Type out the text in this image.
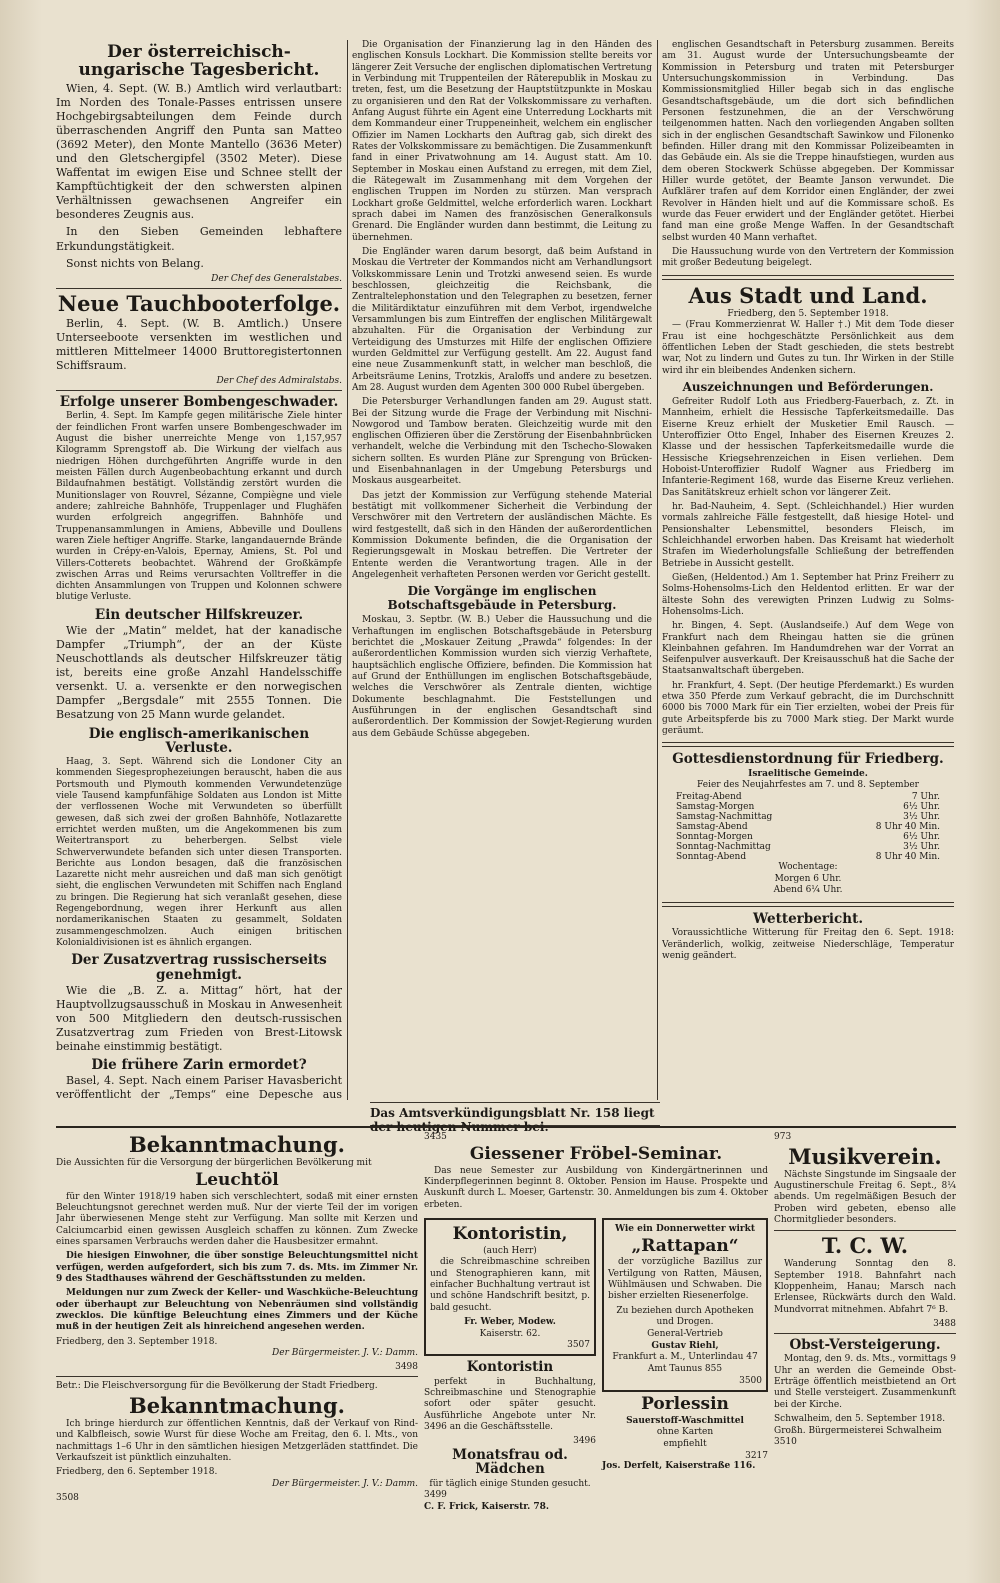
Der österreichisch-ungarische Tagesbericht.

Wien, 4. Sept. (W. B.) Amtlich wird verlautbart: Im Norden des Tonale-Passes entrissen unsere Hochgebirgsabteilungen dem Feinde durch überraschenden Angriff den Punta san Matteo (3692 Meter), den Monte Mantello (3636 Meter) und den Gletschergipfel (3502 Meter). Diese Waffentat im ewigen Eise und Schnee stellt der Kampftüchtigkeit der den schwersten alpinen Verhältnissen gewachsenen Angreifer ein besonderes Zeugnis aus.

In den Sieben Gemeinden lebhaftere Erkundungstätigkeit.

Sonst nichts von Belang.

Der Chef des Generalstabes.

Neue Tauchbooterfolge.

Berlin, 4. Sept. (W. B. Amtlich.) Unsere Unterseeboote versenkten im westlichen und mittleren Mittelmeer 14000 Bruttoregistertonnen Schiffsraum.

Der Chef des Admiralstabs.

Erfolge unserer Bombengeschwader.

Berlin, 4. Sept. Im Kampfe gegen militärische Ziele hinter der feindlichen Front warfen unsere Bombengeschwader im August die bisher unerreichte Menge von 1,157,957 Kilogramm Sprengstoff ab. Die Wirkung der vielfach aus niedrigen Höhen durchgeführten Angriffe wurde in den meisten Fällen durch Augenbeobachtung erkannt und durch Bildaufnahmen bestätigt. Vollständig zerstört wurden die Munitionslager von Rouvrel, Sézanne, Compiègne und viele andere; zahlreiche Bahnhöfe, Truppenlager und Flughäfen wurden erfolgreich angegriffen. Bahnhöfe und Truppenansammlungen in Amiens, Abbeville und Doullens waren Ziele heftiger Angriffe. Starke, langandauernde Brände wurden in Crépy-en-Valois, Epernay, Amiens, St. Pol und Villers-Cotterets beobachtet. Während der Großkämpfe zwischen Arras und Reims verursachten Volltreffer in die dichten Ansammlungen von Truppen und Kolonnen schwere blutige Verluste.

Ein deutscher Hilfskreuzer.

Wie der „Matin“ meldet, hat der kanadische Dampfer „Triumph“, der an der Küste Neuschottlands als deutscher Hilfskreuzer tätig ist, bereits eine große Anzahl Handelsschiffe versenkt. U. a. versenkte er den norwegischen Dampfer „Bergsdale“ mit 2555 Tonnen. Die Besatzung von 25 Mann wurde gelandet.

Die englisch-amerikanischen Verluste.

Haag, 3. Sept. Während sich die Londoner City an kommenden Siegesprophezeiungen berauscht, haben die aus Portsmouth und Plymouth kommenden Verwundetenzüge viele Tausend kampfunfähige Soldaten aus London ist Mitte der verflossenen Woche mit Verwundeten so überfüllt gewesen, daß sich zwei der großen Bahnhöfe, Notlazarette errichtet werden mußten, um die Angekommenen bis zum Weitertransport zu beherbergen. Selbst viele Schwerverwundete befanden sich unter diesen Transporten. Berichte aus London besagen, daß die französischen Lazarette nicht mehr ausreichen und daß man sich genötigt sieht, die englischen Verwundeten mit Schiffen nach England zu bringen. Die Regierung hat sich veranlaßt gesehen, diese Regengebordnung, wegen ihrer Herkunft aus allen nordamerikanischen Staaten zu gesammelt, Soldaten zusammengeschmolzen. Auch einigen britischen Kolonialdivisionen ist es ähnlich ergangen.

Der Zusatzvertrag russischerseits genehmigt.

Wie die „B. Z. a. Mittag“ hört, hat der Hauptvollzugsausschuß in Moskau in Anwesenheit von 500 Mitgliedern den deutsch-russischen Zusatzvertrag zum Frieden von Brest-Litowsk beinahe einstimmig bestätigt.

Die frühere Zarin ermordet?

Basel, 4. Sept. Nach einem Pariser Havasbericht veröffentlicht der „Temps“ eine Depesche aus

Die Organisation der Finanzierung lag in den Händen des englischen Konsuls Lockhart. Die Kommission stellte bereits vor längerer Zeit Versuche der englischen diplomatischen Vertretung in Verbindung mit Truppenteilen der Räterepublik in Moskau zu treten, fest, um die Besetzung der Hauptstützpunkte in Moskau zu organisieren und den Rat der Volkskommissare zu verhaften. Anfang August führte ein Agent eine Unterredung Lockharts mit dem Kommandeur einer Truppeneinheit, welchem ein englischer Offizier im Namen Lockharts den Auftrag gab, sich direkt des Rates der Volkskommissare zu bemächtigen. Die Zusammenkunft fand in einer Privatwohnung am 14. August statt. Am 10. September in Moskau einen Aufstand zu erregen, mit dem Ziel, die Rätegewalt im Zusammenhang mit dem Vorgehen der englischen Truppen im Norden zu stürzen. Man versprach Lockhart große Geldmittel, welche erforderlich waren. Lockhart sprach dabei im Namen des französischen Generalkonsuls Grenard. Die Engländer wurden dann bestimmt, die Leitung zu übernehmen.

Die Engländer waren darum besorgt, daß beim Aufstand in Moskau die Vertreter der Kommandos nicht am Verhandlungsort Volkskommissare Lenin und Trotzki anwesend seien. Es wurde beschlossen, gleichzeitig die Reichsbank, die Zentraltelephonstation und den Telegraphen zu besetzen, ferner die Militärdiktatur einzuführen mit dem Verbot, irgendwelche Versammlungen bis zum Eintreffen der englischen Militärgewalt abzuhalten. Für die Organisation der Verbindung zur Verteidigung des Umsturzes mit Hilfe der englischen Offiziere wurden Geldmittel zur Verfügung gestellt. Am 22. August fand eine neue Zusammenkunft statt, in welcher man beschloß, die Arbeitsräume Lenins, Trotzkis, Araloffs und andere zu besetzen. Am 28. August wurden dem Agenten 300 000 Rubel übergeben.

Die Petersburger Verhandlungen fanden am 29. August statt. Bei der Sitzung wurde die Frage der Verbindung mit Nischni-Nowgorod und Tambow beraten. Gleichzeitig wurde mit den englischen Offizieren über die Zerstörung der Eisenbahnbrücken verhandelt, welche die Verbindung mit den Tschecho-Slowaken sichern sollten. Es wurden Pläne zur Sprengung von Brücken- und Eisenbahnanlagen in der Umgebung Petersburgs und Moskaus ausgearbeitet.

Das jetzt der Kommission zur Verfügung stehende Material bestätigt mit vollkommener Sicherheit die Verbindung der Verschwörer mit den Vertretern der ausländischen Mächte. Es wird festgestellt, daß sich in den Händen der außerordentlichen Kommission Dokumente befinden, die die Organisation der Regierungsgewalt in Moskau betreffen. Die Vertreter der Entente werden die Verantwortung tragen. Alle in der Angelegenheit verhafteten Personen werden vor Gericht gestellt.

Die Vorgänge im englischen Botschaftsgebäude in Petersburg.

Moskau, 3. Septbr. (W. B.) Ueber die Haussuchung und die Verhaftungen im englischen Botschaftsgebäude in Petersburg berichtet die „Moskauer Zeitung „Prawda“ folgendes: In der außerordentlichen Kommission wurden sich vierzig Verhaftete, hauptsächlich englische Offiziere, befinden. Die Kommission hat auf Grund der Enthüllungen im englischen Botschaftsgebäude, welches die Verschwörer als Zentrale dienten, wichtige Dokumente beschlagnahmt. Die Feststellungen und Ausführungen in der englischen Gesandtschaft sind außerordentlich. Der Kommission der Sowjet-Regierung wurden aus dem Gebäude Schüsse abgegeben.

englischen Gesandtschaft in Petersburg zusammen. Bereits am 31. August wurde der Untersuchungsbeamte der Kommission in Petersburg und traten mit Petersburger Untersuchungskommission in Verbindung. Das Kommissionsmitglied Hiller begab sich in das englische Gesandtschaftsgebäude, um die dort sich befindlichen Personen festzunehmen, die an der Verschwörung teilgenommen hatten. Nach den vorliegenden Angaben sollten sich in der englischen Gesandtschaft Sawinkow und Filonenko befinden. Hiller drang mit den Kommissar Polizeibeamten in das Gebäude ein. Als sie die Treppe hinaufstiegen, wurden aus dem oberen Stockwerk Schüsse abgegeben. Der Kommissar Hiller wurde getötet, der Beamte Janson verwundet. Die Aufklärer trafen auf dem Korridor einen Engländer, der zwei Revolver in Händen hielt und auf die Kommissare schoß. Es wurde das Feuer erwidert und der Engländer getötet. Hierbei fand man eine große Menge Waffen. In der Gesandtschaft selbst wurden 40 Mann verhaftet.

Die Haussuchung wurde von den Vertretern der Kommission mit großer Bedeutung beigelegt.

Aus Stadt und Land.

Friedberg, den 5. September 1918.

— (Frau Kommerzienrat W. Haller †.) Mit dem Tode dieser Frau ist eine hochgeschätzte Persönlichkeit aus dem öffentlichen Leben der Stadt geschieden, die stets bestrebt war, Not zu lindern und Gutes zu tun. Ihr Wirken in der Stille wird ihr ein bleibendes Andenken sichern.

Auszeichnungen und Beförderungen.

Gefreiter Rudolf Loth aus Friedberg-Fauerbach, z. Zt. in Mannheim, erhielt die Hessische Tapferkeitsmedaille. Das Eiserne Kreuz erhielt der Musketier Emil Rausch. — Unteroffizier Otto Engel, Inhaber des Eisernen Kreuzes 2. Klasse und der hessischen Tapferkeitsmedaille wurde die Hessische Kriegsehrenzeichen in Eisen verliehen. Dem Hoboist-Unteroffizier Rudolf Wagner aus Friedberg im Infanterie-Regiment 168, wurde das Eiserne Kreuz verliehen. Das Sanitätskreuz erhielt schon vor längerer Zeit.

hr. Bad-Nauheim, 4. Sept. (Schleichhandel.) Hier wurden vormals zahlreiche Fälle festgestellt, daß hiesige Hotel- und Pensionshalter Lebensmittel, besonders Fleisch, im Schleichhandel erworben haben. Das Kreisamt hat wiederholt Strafen im Wiederholungsfalle Schließung der betreffenden Betriebe in Aussicht gestellt.

Gießen, (Heldentod.) Am 1. September hat Prinz Freiherr zu Solms-Hohensolms-Lich den Heldentod erlitten. Er war der älteste Sohn des verewigten Prinzen Ludwig zu Solms-Hohensolms-Lich.

hr. Bingen, 4. Sept. (Auslandseife.) Auf dem Wege von Frankfurt nach dem Rheingau hatten sie die grünen Kleinbahnen gefahren. Im Handumdrehen war der Vorrat an Seifenpulver ausverkauft. Der Kreisausschuß hat die Sache der Staatsanwaltschaft übergeben.

hr. Frankfurt, 4. Sept. (Der heutige Pferdemarkt.) Es wurden etwa 350 Pferde zum Verkauf gebracht, die im Durchschnitt 6000 bis 7000 Mark für ein Tier erzielten, wobei der Preis für gute Arbeitspferde bis zu 7000 Mark stieg. Der Markt wurde geräumt.

Gottesdienstordnung für Friedberg.

Israelitische Gemeinde.

Feier des Neujahrfestes am 7. und 8. September

Freitag-Abend	7 Uhr.
Samstag-Morgen	6½ Uhr.
Samstag-Nachmittag	3½ Uhr.
Samstag-Abend	8 Uhr 40 Min.
Sonntag-Morgen	6½ Uhr.
Sonntag-Nachmittag	3½ Uhr.
Sonntag-Abend	8 Uhr 40 Min.

Wochentage:

Morgen 6 Uhr.

Abend 6¼ Uhr.

Wetterbericht.

Voraussichtliche Witterung für Freitag den 6. Sept. 1918: Veränderlich, wolkig, zeitweise Niederschläge, Temperatur wenig geändert.

Das Amtsverkündigungsblatt Nr. 158 liegt der heutigen Nummer bei.
Bekanntmachung.

Die Aussichten für die Versorgung der bürgerlichen Bevölkerung mit

Leuchtöl

für den Winter 1918/19 haben sich verschlechtert, sodaß mit einer ernsten Beleuchtungsnot gerechnet werden muß. Nur der vierte Teil der im vorigen Jahr überwiesenen Menge steht zur Verfügung. Man sollte mit Kerzen und Calciumcarbid einen gewissen Ausgleich schaffen zu können. Zum Zwecke eines sparsamen Verbrauchs werden daher die Hausbesitzer ermahnt.

Die hiesigen Einwohner, die über sonstige Beleuchtungsmittel nicht verfügen, werden aufgefordert, sich bis zum 7. ds. Mts. im Zimmer Nr. 9 des Stadthauses während der Geschäftsstunden zu melden.

Meldungen nur zum Zweck der Keller- und Waschküche-Beleuchtung oder überhaupt zur Beleuchtung von Nebenräumen sind vollständig zwecklos. Die künftige Beleuchtung eines Zimmers und der Küche muß in der heutigen Zeit als hinreichend angesehen werden.

Friedberg, den 3. September 1918.

Der Bürgermeister. J. V.: Damm.

3498

Betr.: Die Fleischversorgung für die Bevölkerung der Stadt Friedberg.

Bekanntmachung.

Ich bringe hierdurch zur öffentlichen Kenntnis, daß der Verkauf von Rind- und Kalbfleisch, sowie Wurst für diese Woche am Freitag, den 6. l. Mts., von nachmittags 1–6 Uhr in den sämtlichen hiesigen Metzgerläden stattfindet. Die Verkaufszeit ist pünktlich einzuhalten.

Friedberg, den 6. September 1918.

Der Bürgermeister. J. V.: Damm.

3508

3435

Giessener Fröbel-Seminar.

Das neue Semester zur Ausbildung von Kindergärtnerinnen und Kinderpflegerinnen beginnt 8. Oktober. Pension im Hause. Prospekte und Auskunft durch L. Moeser, Gartenstr. 30. Anmeldungen bis zum 4. Oktober erbeten.

Kontoristin,

(auch Herr)

die Schreibmaschine schreiben und Stenographieren kann, mit einfacher Buchhaltung vertraut ist und schöne Handschrift besitzt, p. bald gesucht.

Fr. Weber, Modew.

Kaiserstr. 62.

3507

Kontoristin

perfekt in Buchhaltung, Schreibmaschine und Stenographie sofort oder später gesucht. Ausführliche Angebote unter Nr. 3496 an die Geschäftsstelle.

3496

Monatsfrau od. Mädchen

für täglich einige Stunden gesucht.

3499

C. F. Frick, Kaiserstr. 78.

Wie ein Donnerwetter wirkt

„Rattapan“

der vorzügliche Bazillus zur Vertilgung von Ratten, Mäusen, Wühlmäusen und Schwaben. Die bisher erzielten Riesenerfolge.

Zu beziehen durch Apotheken und Drogen.

General-Vertrieb

Gustav Riehl,

Frankfurt a. M., Unterlindau 47

Amt Taunus 855

3500

Porlessin

Sauerstoff-Waschmittel

ohne Karten

empfiehlt

3217

Jos. Derfelt, Kaiserstraße 116.

973

Musikverein.

Nächste Singstunde im Singsaale der Augustinerschule Freitag 6. Sept., 8¼ abends. Um regelmäßigen Besuch der Proben wird gebeten, ebenso alle Chormitglieder besonders.

T. C. W.

Wanderung Sonntag den 8. September 1918. Bahnfahrt nach Kloppenheim, Hanau; Marsch nach Erlensee, Rückwärts durch den Wald. Mundvorrat mitnehmen. Abfahrt 7⁶ B.

3488

Obst-Versteigerung.

Montag, den 9. ds. Mts., vormittags 9 Uhr an werden die Gemeinde Obst-Erträge öffentlich meistbietend an Ort und Stelle versteigert. Zusammenkunft bei der Kirche.

Schwalheim, den 5. September 1918.

Großh. Bürgermeisterei Schwalheim

3510
